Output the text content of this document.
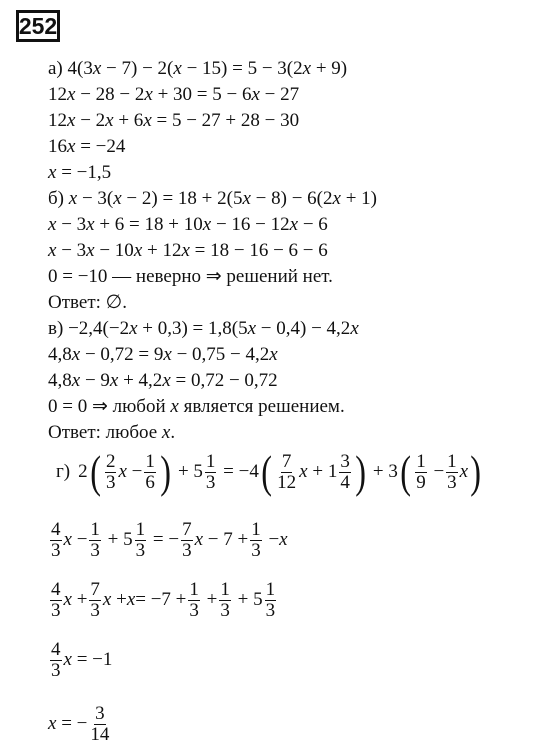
252
а) 4(3x − 7) − 2(x − 15) = 5 − 3(2x + 9)
12x − 28 − 2x + 30 = 5 − 6x − 27
12x − 2x + 6x = 5 − 27 + 28 − 30
16x = −24
x = −1,5
б) x − 3(x − 2) = 18 + 2(5x − 8) − 6(2x + 1)
x − 3x + 6 = 18 + 10x − 16 − 12x − 6
x − 3x − 10x + 12x = 18 − 16 − 6 − 6
0 = −10 — неверно ⇒ решений нет.
Ответ: ∅.
в) −2,4(−2x + 0,3) = 1,8(5x − 0,4) − 4,2x
4,8x − 0,72 = 9x − 0,75 − 4,2x
4,8x − 9x + 4,2x = 0,72 − 0,72
0 = 0 ⇒ любой x является решением.
Ответ: любое x.
г) 2 ( 2
3 x − 1
6 ) + 5 1
3 = −4 ( 7
12 x + 1 3
4 ) + 3 ( 1
9 − 1
3 x )
4
3 x − 1
3 + 5 1
3 = − 7
3 x − 7 + 1
3 − x
4
3 x + 7
3 x + x = −7 + 1
3 + 1
3 + 5 1
3
4
3 x = −1
x = − 3
14
